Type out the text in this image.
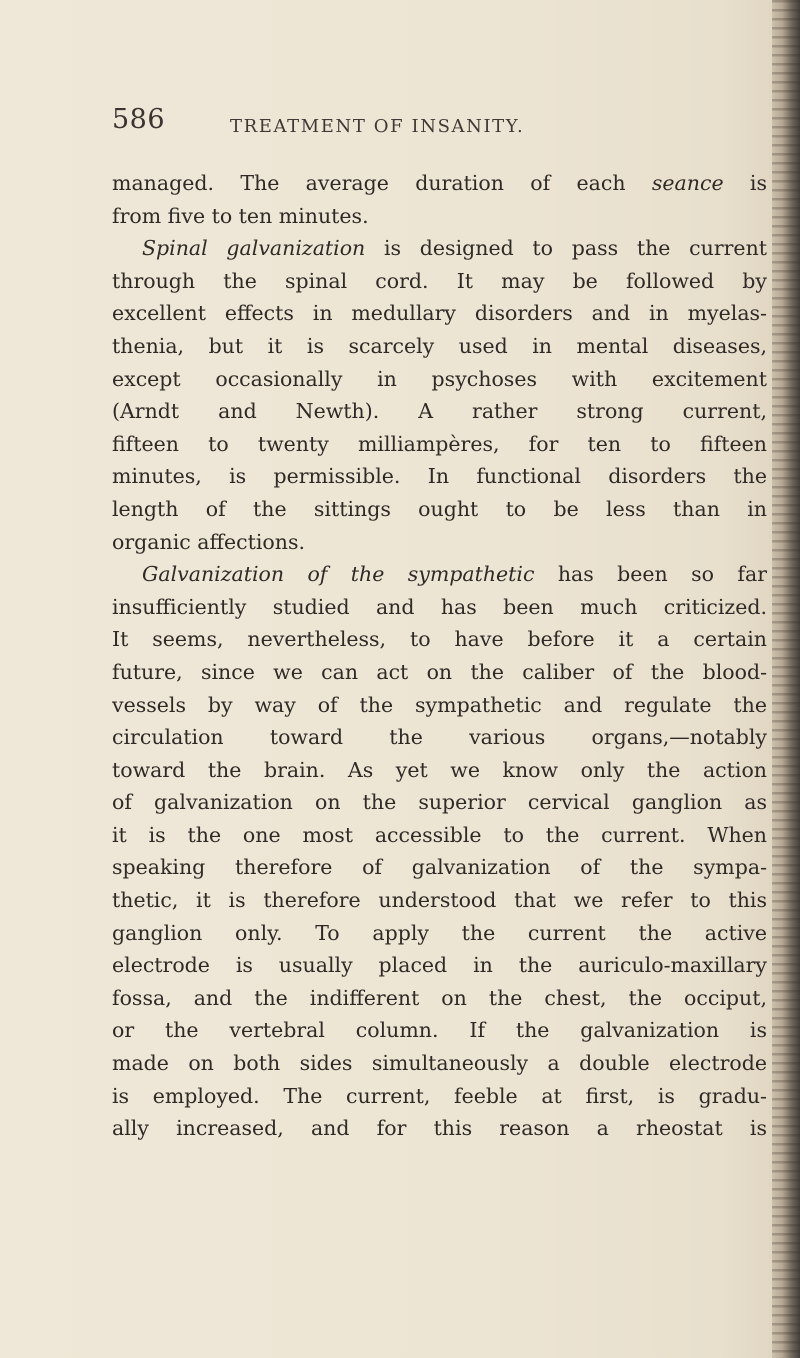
586	TREATMENT OF INSANITY.
managed. The average duration of each seance is
from five to ten minutes.
Spinal galvanization is designed to pass the current
through the spinal cord. It may be followed by
excellent effects in medullary disorders and in myelas-
thenia, but it is scarcely used in mental diseases,
except occasionally in psychoses with excitement
(Arndt and Newth). A rather strong current,
fifteen to twenty milliampères, for ten to fifteen
minutes, is permissible. In functional disorders the
length of the sittings ought to be less than in
organic affections.
Galvanization of the sympathetic has been so far
insufficiently studied and has been much criticized.
It seems, nevertheless, to have before it a certain
future, since we can act on the caliber of the blood-
vessels by way of the sympathetic and regulate the
circulation toward the various organs,—notably
toward the brain. As yet we know only the action
of galvanization on the superior cervical ganglion as
it is the one most accessible to the current. When
speaking therefore of galvanization of the sympa-
thetic, it is therefore understood that we refer to this
ganglion only. To apply the current the active
electrode is usually placed in the auriculo-maxillary
fossa, and the indifferent on the chest, the occiput,
or the vertebral column. If the galvanization is
made on both sides simultaneously a double electrode
is employed. The current, feeble at first, is gradu-
ally increased, and for this reason a rheostat is
